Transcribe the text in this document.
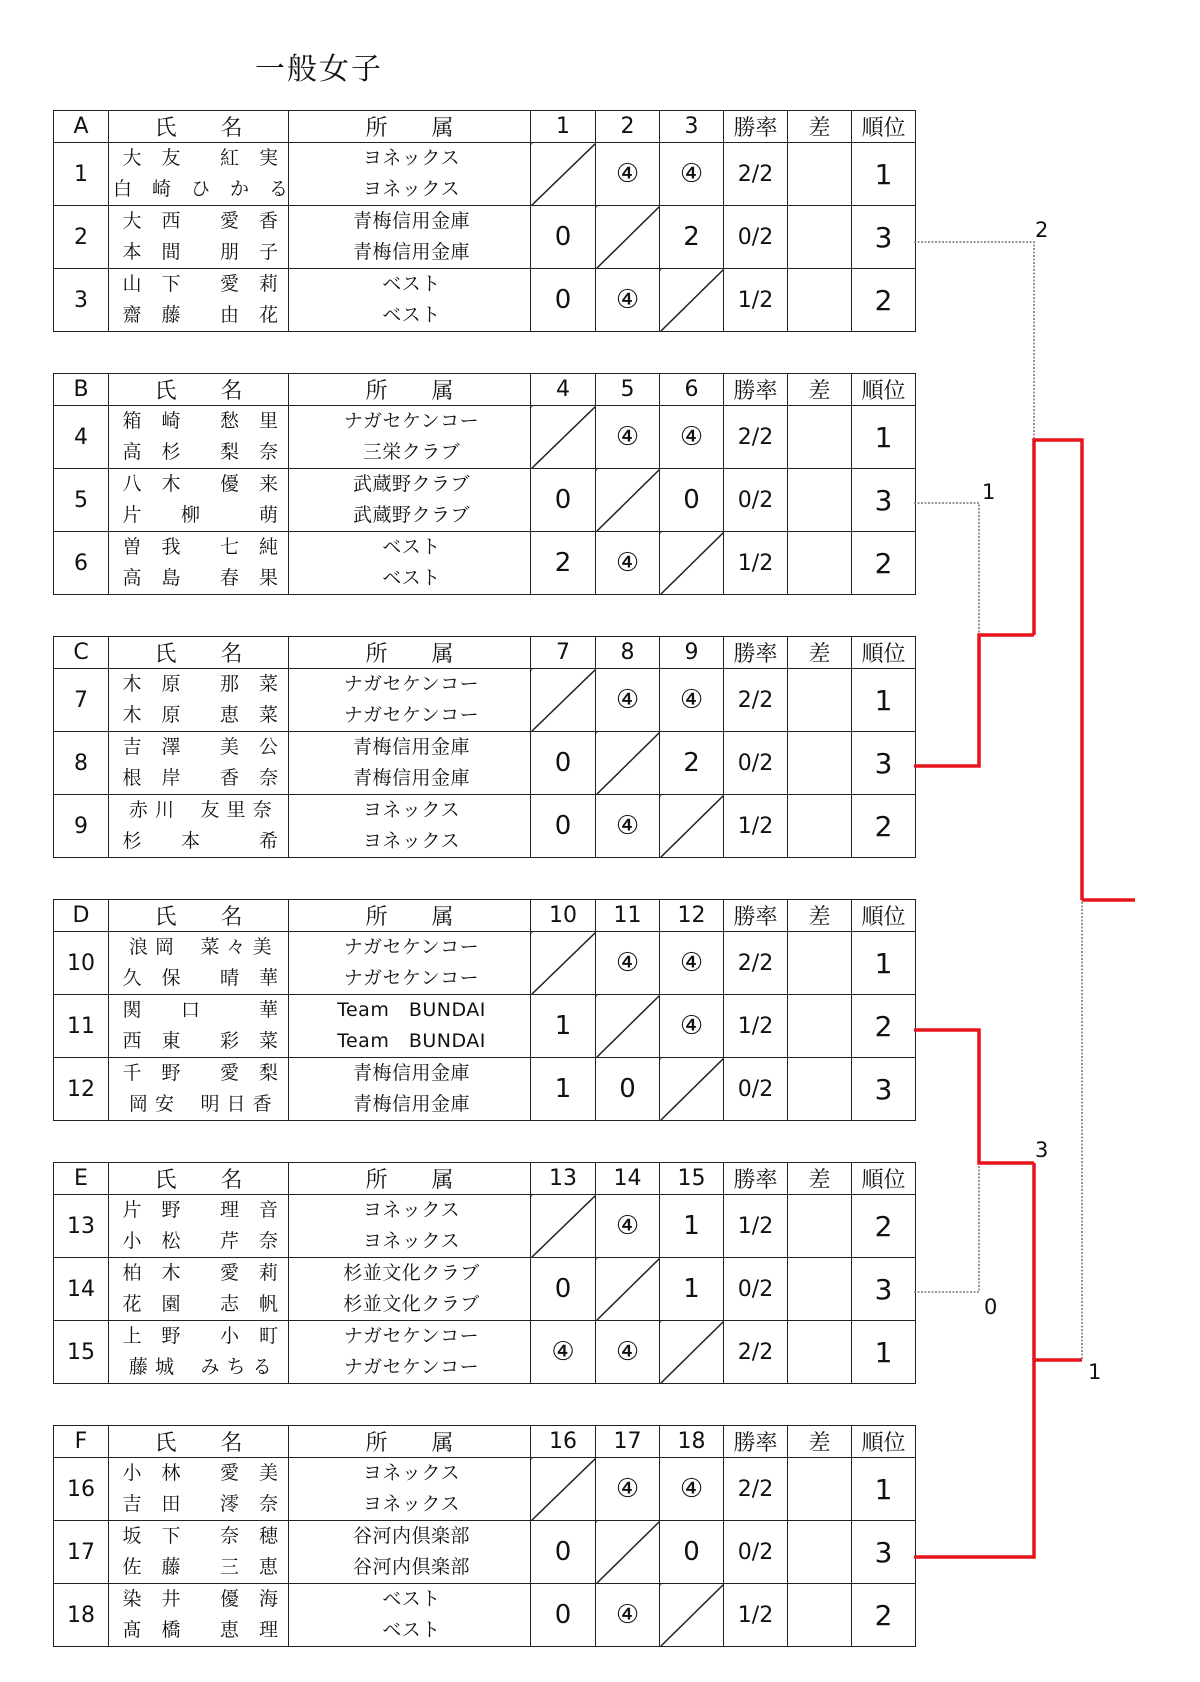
一般女子
A	氏　　名	所　　属	1	2	3	勝率	差	順位
1	大　友　　紅　実	ヨネックス		④	④	2/2		1
	白　崎　ひ　か　る	ヨネックス						
2	大　西　　愛　香	青梅信用金庫	0		2	0/2		3
	本　間　　朋　子	青梅信用金庫						
3	山　下　　愛　莉	ベスト	0	④		1/2		2
	齋　藤　　由　花	ベスト						
B	氏　　名	所　　属	4	5	6	勝率	差	順位
4	箱　崎　　愁　里	ナガセケンコー		④	④	2/2		1
	高　杉　　梨　奈	三栄クラブ						
5	八　木　　優　来	武蔵野クラブ	0		0	0/2		3
	片　　柳　　　萌	武蔵野クラブ						
6	曽　我　　七　純	ベスト	2	④		1/2		2
	高　島　　春　果	ベスト						
C	氏　　名	所　　属	7	8	9	勝率	差	順位
7	木　原　　那　菜	ナガセケンコー		④	④	2/2		1
	木　原　　恵　菜	ナガセケンコー						
8	吉　澤　　美　公	青梅信用金庫	0		2	0/2		3
	根　岸　　香　奈	青梅信用金庫						
9	赤 川　 友 里 奈	ヨネックス	0	④		1/2		2
	杉　　本　　　希	ヨネックス						
D	氏　　名	所　　属	10	11	12	勝率	差	順位
10	浪 岡　 菜 々 美	ナガセケンコー		④	④	2/2		1
	久　保　　晴　華	ナガセケンコー						
11	関　　口　　　華	Team　BUNDAI	1		④	1/2		2
	西　東　　彩　菜	Team　BUNDAI						
12	千　野　　愛　梨	青梅信用金庫	1	0		0/2		3
	岡 安　 明 日 香	青梅信用金庫						
E	氏　　名	所　　属	13	14	15	勝率	差	順位
13	片　野　　理　音	ヨネックス		④	1	1/2		2
	小　松　　芹　奈	ヨネックス						
14	柏　木　　愛　莉	杉並文化クラブ	0		1	0/2		3
	花　園　　志　帆	杉並文化クラブ						
15	上　野　　小　町	ナガセケンコー	④	④		2/2		1
	藤 城　 み ち る	ナガセケンコー						
F	氏　　名	所　　属	16	17	18	勝率	差	順位
16	小　林　　愛　美	ヨネックス		④	④	2/2		1
	吉　田　　澪　奈	ヨネックス						
17	坂　下　　奈　穂	谷河内倶楽部	0		0	0/2		3
	佐　藤　　三　恵	谷河内倶楽部						
18	染　井　　優　海	ベスト	0	④		1/2		2
	髙　橋　　恵　理	ベスト						
2
1
3
0
1
